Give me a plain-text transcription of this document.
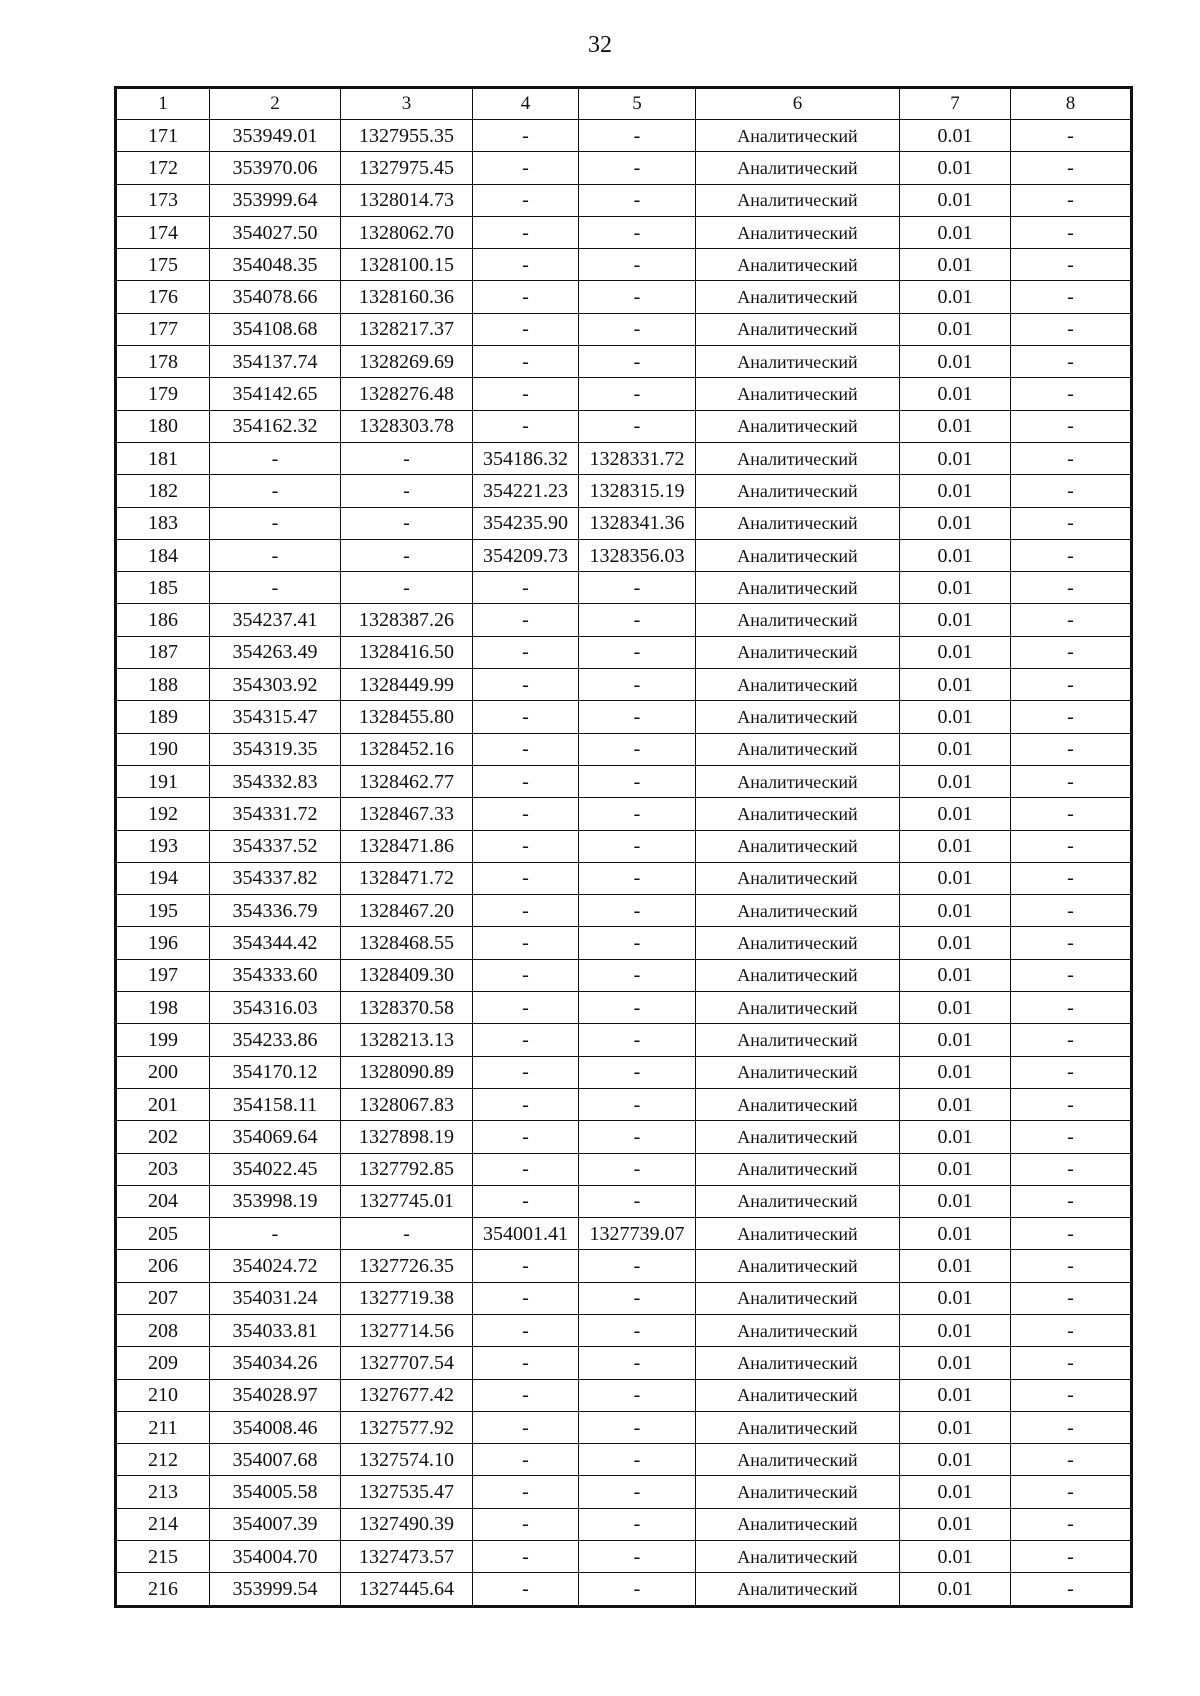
32
1	2	3	4	5	6	7	8
171	353949.01	1327955.35	-	-	Аналитический	0.01	-
172	353970.06	1327975.45	-	-	Аналитический	0.01	-
173	353999.64	1328014.73	-	-	Аналитический	0.01	-
174	354027.50	1328062.70	-	-	Аналитический	0.01	-
175	354048.35	1328100.15	-	-	Аналитический	0.01	-
176	354078.66	1328160.36	-	-	Аналитический	0.01	-
177	354108.68	1328217.37	-	-	Аналитический	0.01	-
178	354137.74	1328269.69	-	-	Аналитический	0.01	-
179	354142.65	1328276.48	-	-	Аналитический	0.01	-
180	354162.32	1328303.78	-	-	Аналитический	0.01	-
181	-	-	354186.32	1328331.72	Аналитический	0.01	-
182	-	-	354221.23	1328315.19	Аналитический	0.01	-
183	-	-	354235.90	1328341.36	Аналитический	0.01	-
184	-	-	354209.73	1328356.03	Аналитический	0.01	-
185	-	-	-	-	Аналитический	0.01	-
186	354237.41	1328387.26	-	-	Аналитический	0.01	-
187	354263.49	1328416.50	-	-	Аналитический	0.01	-
188	354303.92	1328449.99	-	-	Аналитический	0.01	-
189	354315.47	1328455.80	-	-	Аналитический	0.01	-
190	354319.35	1328452.16	-	-	Аналитический	0.01	-
191	354332.83	1328462.77	-	-	Аналитический	0.01	-
192	354331.72	1328467.33	-	-	Аналитический	0.01	-
193	354337.52	1328471.86	-	-	Аналитический	0.01	-
194	354337.82	1328471.72	-	-	Аналитический	0.01	-
195	354336.79	1328467.20	-	-	Аналитический	0.01	-
196	354344.42	1328468.55	-	-	Аналитический	0.01	-
197	354333.60	1328409.30	-	-	Аналитический	0.01	-
198	354316.03	1328370.58	-	-	Аналитический	0.01	-
199	354233.86	1328213.13	-	-	Аналитический	0.01	-
200	354170.12	1328090.89	-	-	Аналитический	0.01	-
201	354158.11	1328067.83	-	-	Аналитический	0.01	-
202	354069.64	1327898.19	-	-	Аналитический	0.01	-
203	354022.45	1327792.85	-	-	Аналитический	0.01	-
204	353998.19	1327745.01	-	-	Аналитический	0.01	-
205	-	-	354001.41	1327739.07	Аналитический	0.01	-
206	354024.72	1327726.35	-	-	Аналитический	0.01	-
207	354031.24	1327719.38	-	-	Аналитический	0.01	-
208	354033.81	1327714.56	-	-	Аналитический	0.01	-
209	354034.26	1327707.54	-	-	Аналитический	0.01	-
210	354028.97	1327677.42	-	-	Аналитический	0.01	-
211	354008.46	1327577.92	-	-	Аналитический	0.01	-
212	354007.68	1327574.10	-	-	Аналитический	0.01	-
213	354005.58	1327535.47	-	-	Аналитический	0.01	-
214	354007.39	1327490.39	-	-	Аналитический	0.01	-
215	354004.70	1327473.57	-	-	Аналитический	0.01	-
216	353999.54	1327445.64	-	-	Аналитический	0.01	-
